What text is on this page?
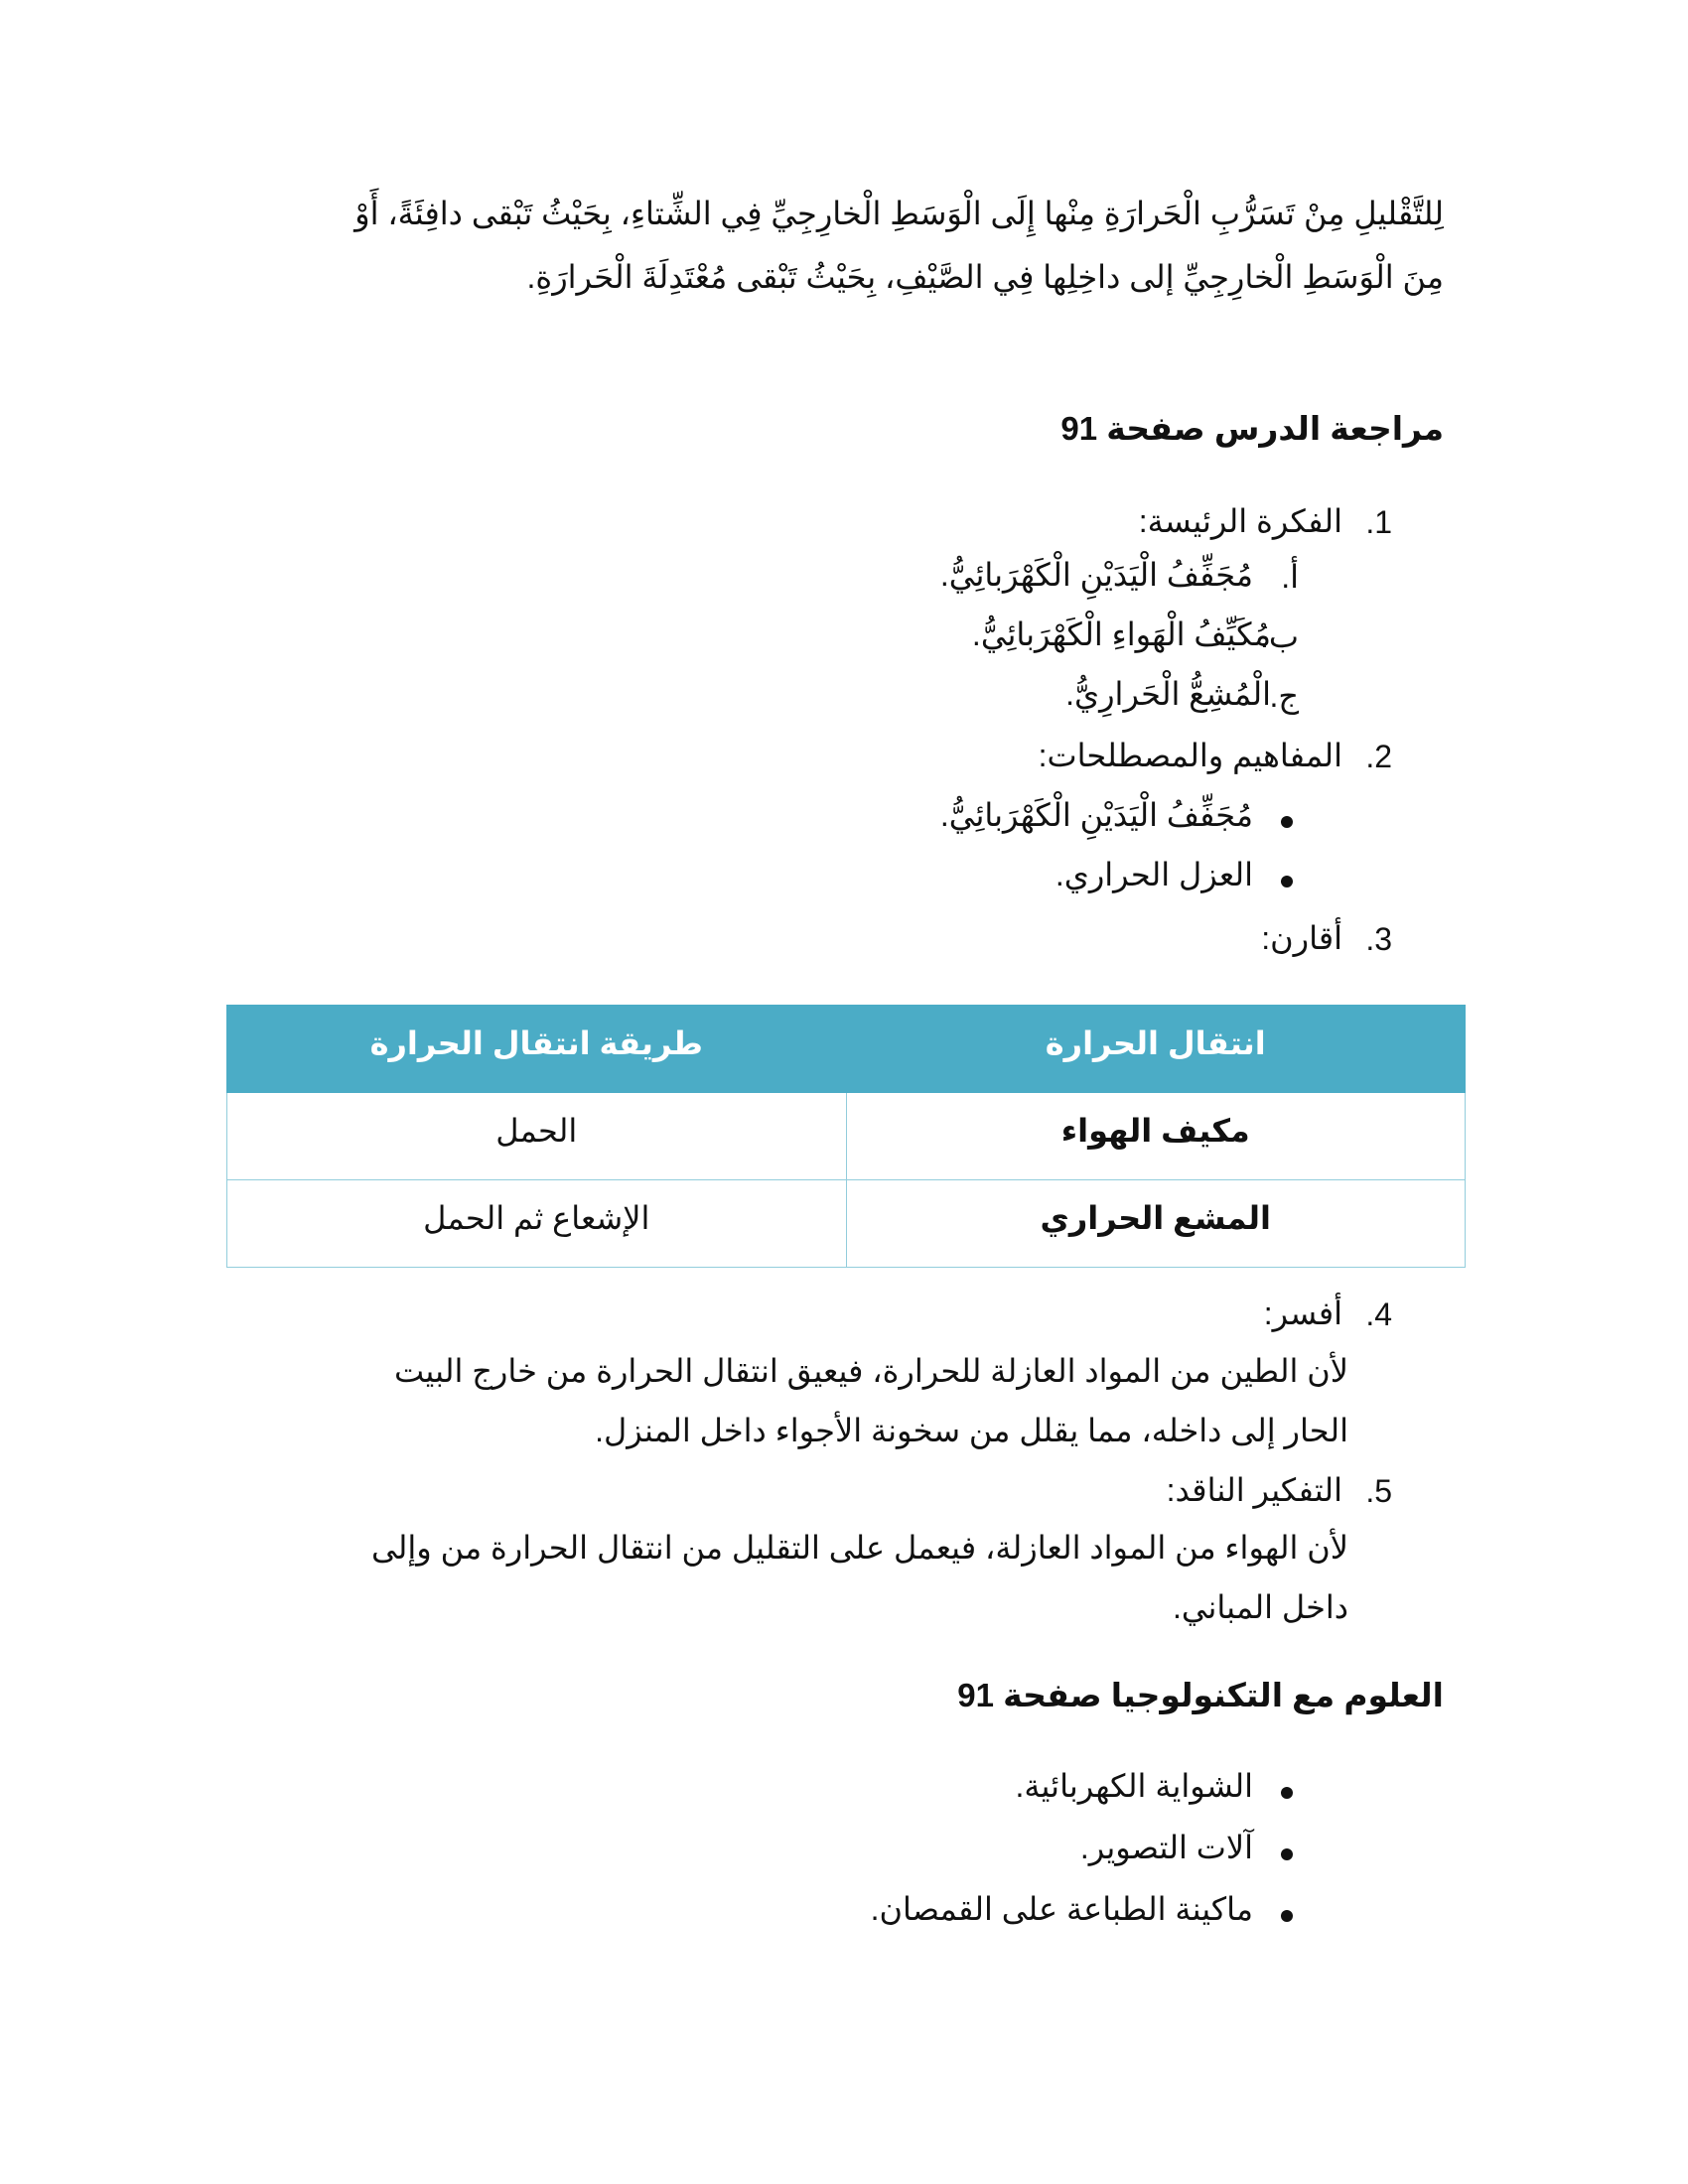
لِلتَّقْليلِ مِنْ تَسَرُّبِ الْحَرارَةِ مِنْها إِلَى الْوَسَطِ الْخارِجِيِّ فِي الشِّتاءِ، بِحَيْثُ تَبْقى دافِئَةً، أَوْ
مِنَ الْوَسَطِ الْخارِجِيِّ إلى داخِلِها فِي الصَّيْفِ، بِحَيْثُ تَبْقى مُعْتَدِلَةَ الْحَرارَةِ.
مراجعة الدرس صفحة 91
1.
الفكرة الرئيسة:
أ.
مُجَفِّفُ الْيَدَيْنِ الْكَهْرَبائِيُّ.
ب.
مُكَيِّفُ الْهَواءِ الْكَهْرَبائِيُّ.
ج.
الْمُشِعُّ الْحَرارِيُّ.
2.
المفاهيم والمصطلحات:
مُجَفِّفُ الْيَدَيْنِ الْكَهْرَبائِيُّ.
العزل الحراري.
3.
أقارن:
انتقال الحرارة	طريقة انتقال الحرارة
مكيف الهواء	الحمل
المشع الحراري	الإشعاع ثم الحمل
4.
أفسر:
لأن الطين من المواد العازلة للحرارة، فيعيق انتقال الحرارة من خارج البيت
الحار إلى داخله، مما يقلل من سخونة الأجواء داخل المنزل.
5.
التفكير الناقد:
لأن الهواء من المواد العازلة، فيعمل على التقليل من انتقال الحرارة من وإلى
داخل المباني.
العلوم مع التكنولوجيا صفحة 91
الشواية الكهربائية.
آلات التصوير.
ماكينة الطباعة على القمصان.
